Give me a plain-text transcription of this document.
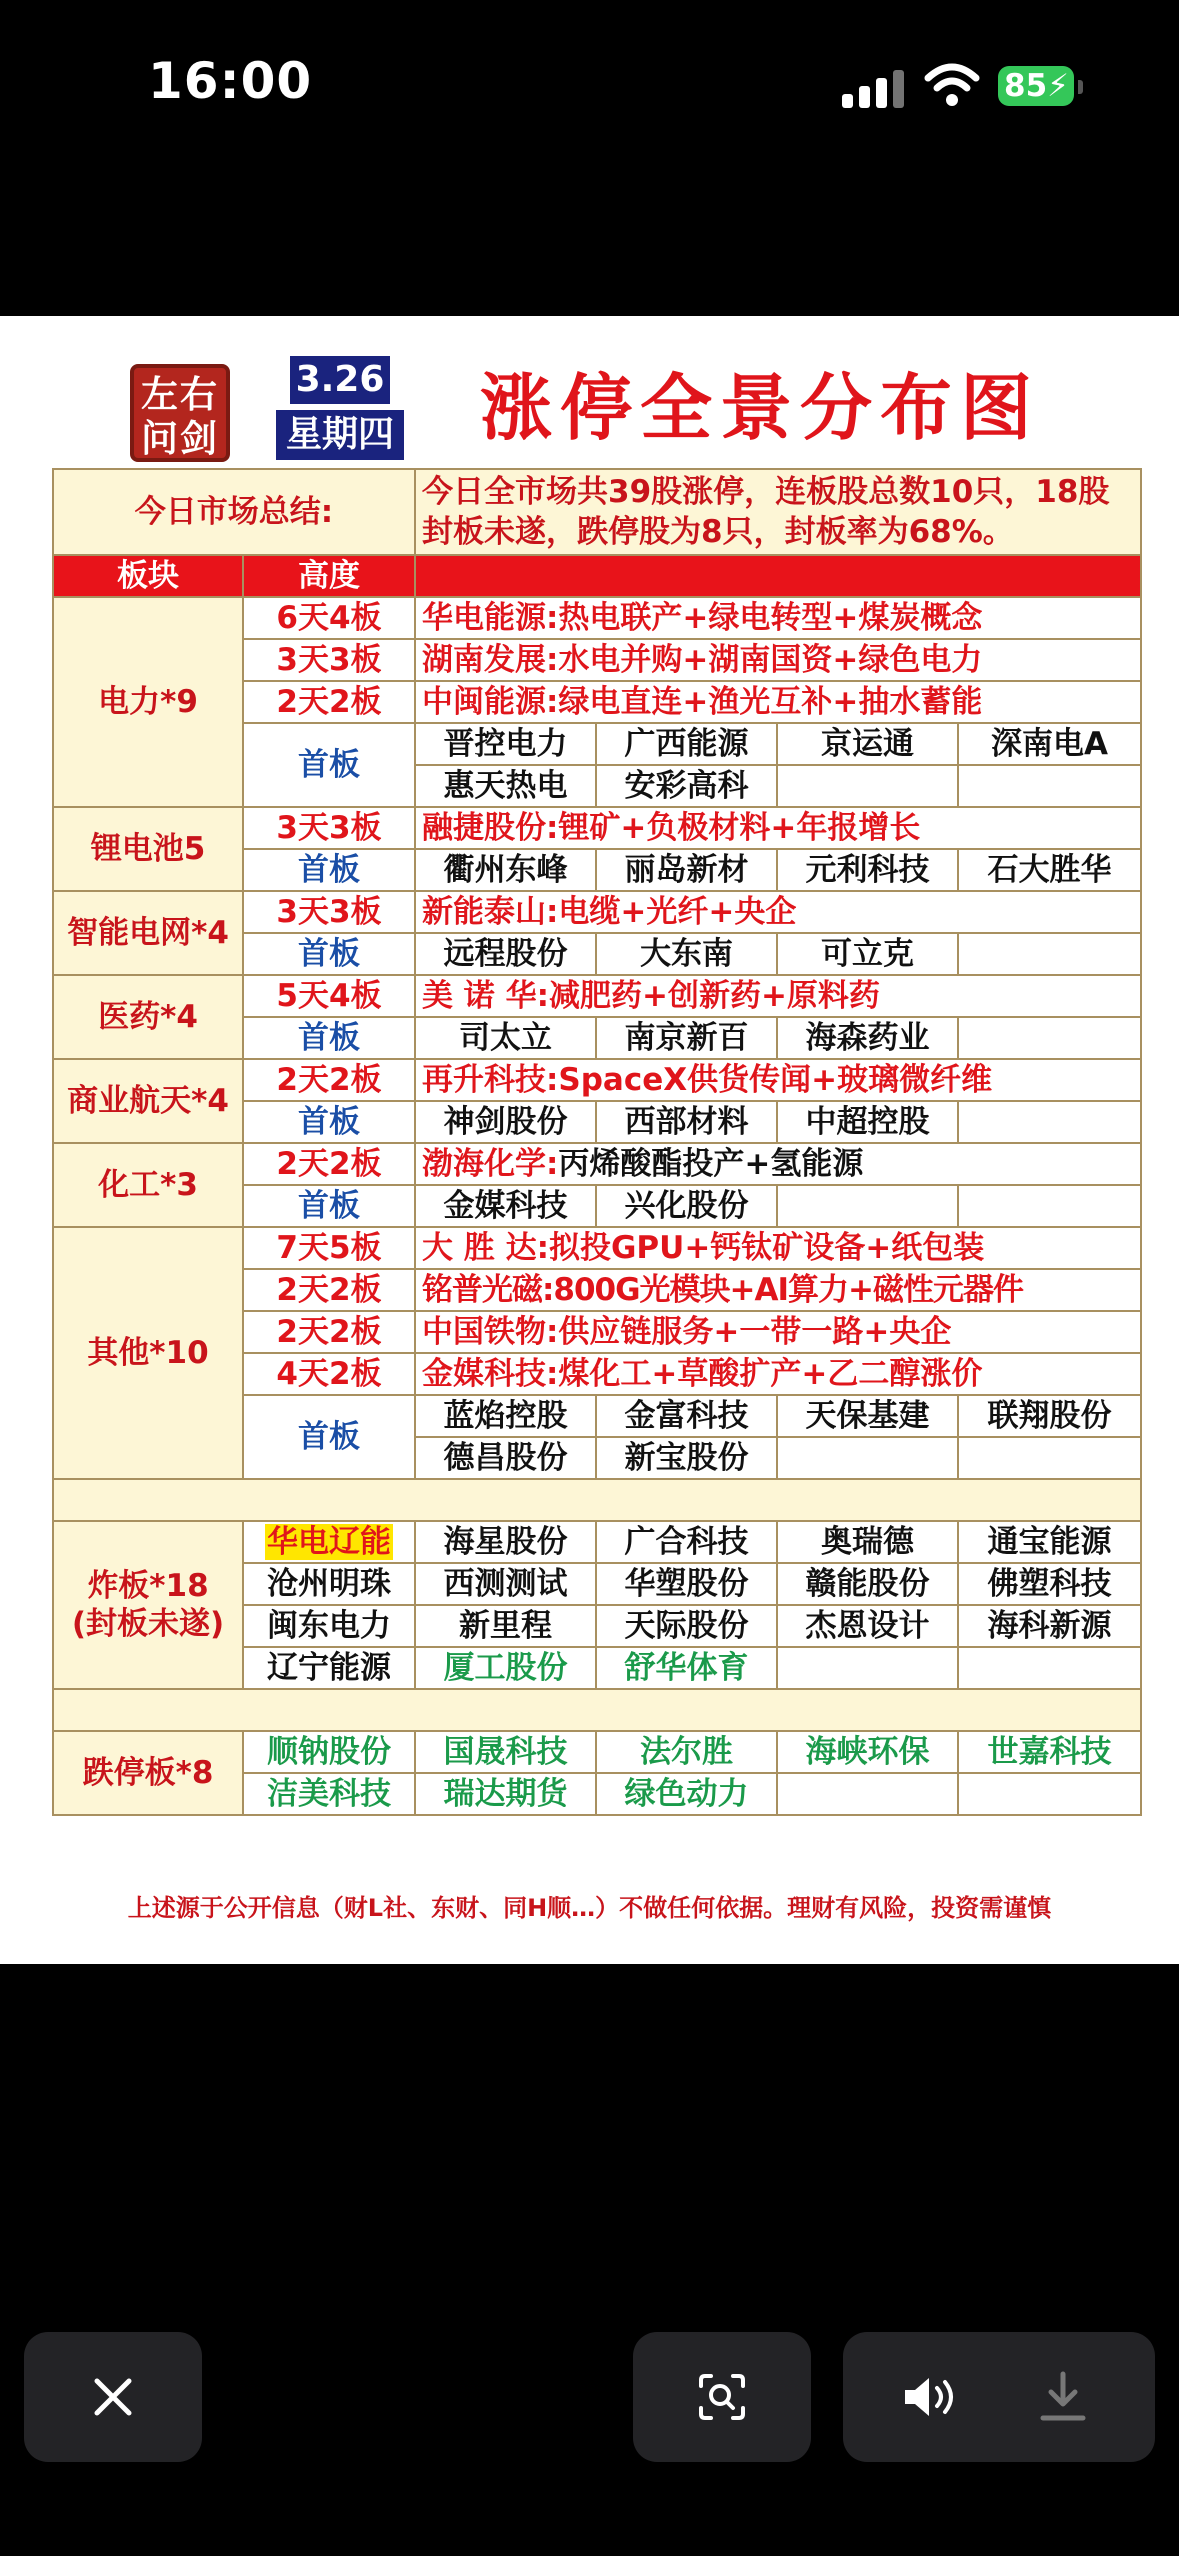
16:00	85⚡
左右
问剑
3.26
星期四 涨停全景分布图
今日市场总结:		今日全市场共39股涨停，连板股总数10只，18股封板未遂，跌停股为8只，封板率为68%。			
板块	高度				
电力*9	6天4板	华电能源:热电联产+绿电转型+煤炭概念			
	3天3板	湖南发展:水电并购+湖南国资+绿色电力			
	2天2板	中闽能源:绿电直连+渔光互补+抽水蓄能			
	首板	晋控电力	广西能源	京运通	深南电A
		惠天热电	安彩高科		
锂电池5	3天3板	融捷股份:锂矿+负极材料+年报增长			
	首板	衢州东峰	丽岛新材	元利科技	石大胜华
智能电网*4	3天3板	新能泰山:电缆+光纤+央企			
	首板	远程股份	大东南	可立克	
医药*4	5天4板	美 诺 华:减肥药+创新药+原料药			
	首板	司太立	南京新百	海森药业	
商业航天*4	2天2板	再升科技:SpaceX供货传闻+玻璃微纤维			
	首板	神剑股份	西部材料	中超控股	
化工*3	2天2板	渤海化学:丙烯酸酯投产+氢能源			
	首板	金媒科技	兴化股份		
其他*10	7天5板	大 胜 达:拟投GPU+钙钛矿设备+纸包装			
	2天2板	铭普光磁:800G光模块+AI算力+磁性元器件			
	2天2板	中国铁物:供应链服务+一带一路+央企			
	4天2板	金媒科技:煤化工+草酸扩产+乙二醇涨价			
	首板	蓝焰控股	金富科技	天保基建	联翔股份
		德昌股份	新宝股份		

炸板*18
(封板未遂)	华电辽能	海星股份	广合科技	奥瑞德	通宝能源
	沧州明珠	西测测试	华塑股份	赣能股份	佛塑科技
	闽东电力	新里程	天际股份	杰恩设计	海科新源
	辽宁能源	厦工股份	舒华体育		

跌停板*8	顺钠股份	国晟科技	法尔胜	海峡环保	世嘉科技
	洁美科技	瑞达期货	绿色动力		
上述源于公开信息（财L社、东财、同H顺…）不做任何依据。理财有风险，投资需谨慎
